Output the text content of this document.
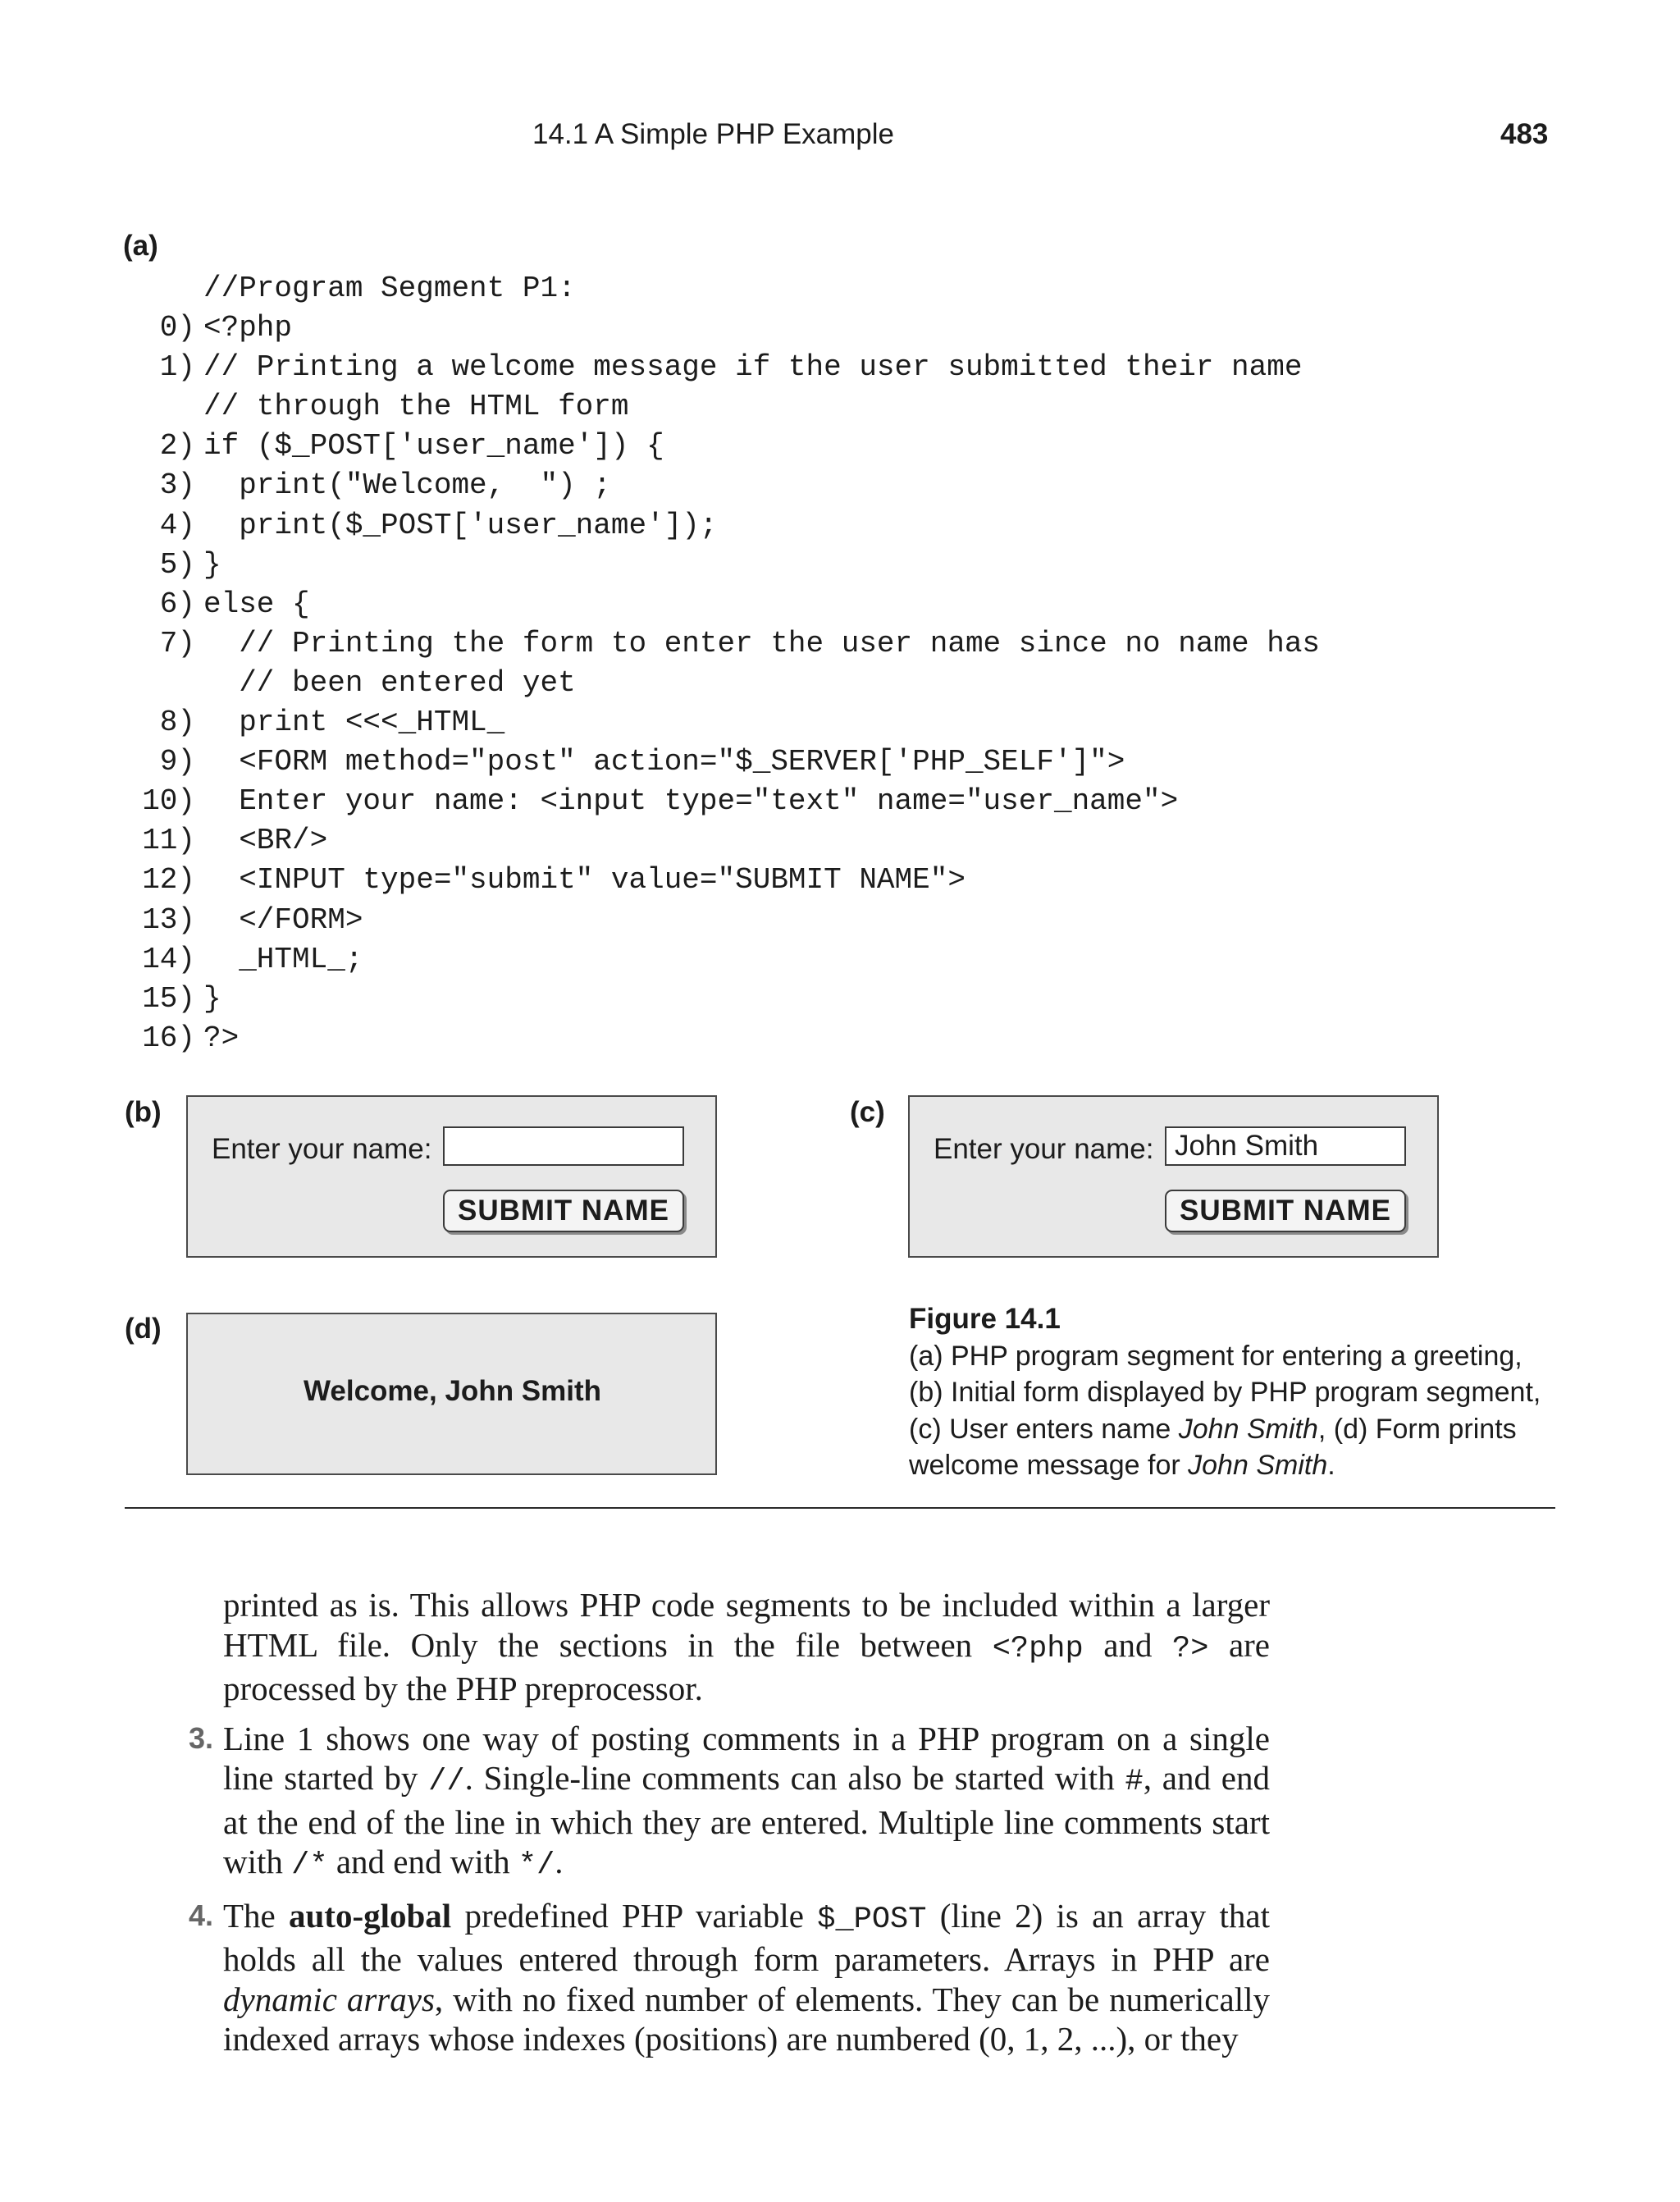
14.1 A Simple PHP Example	483
(a)
//Program Segment P1:
0) <?php
1) // Printing a welcome message if the user submitted their name
// through the HTML form
2) if ($_POST['user_name']) {
3) print("Welcome,  ") ;
4) print($_POST['user_name']);
5) }
6) else {
7) // Printing the form to enter the user name since no name has
// been entered yet
8) print <<<_HTML_
9) <FORM method="post" action="$_SERVER['PHP_SELF']">
10) Enter your name: <input type="text" name="user_name">
11) <BR/>
12) <INPUT type="submit" value="SUBMIT NAME">
13) </FORM>
14) _HTML_;
15) }
16) ?>
(b)
Enter your name:
SUBMIT NAME
(c)
Enter your name: John Smith
SUBMIT NAME
(d)
Welcome, John Smith
Figure 14.1
(a) PHP program segment for entering a greeting,
(b) Initial form displayed by PHP program segment,
(c) User enters name John Smith, (d) Form prints
welcome message for John Smith.

printed as is. This allows PHP code segments to be included within a larger HTML file. Only the sections in the file between <?php and ?> are processed by the PHP preprocessor.

3. Line 1 shows one way of posting comments in a PHP program on a single line started by //. Single-line comments can also be started with #, and end at the end of the line in which they are entered. Multiple line comments start with /* and end with */.

4. The auto-global predefined PHP variable $_POST (line 2) is an array that holds all the values entered through form parameters. Arrays in PHP are dynamic arrays, with no fixed number of elements. They can be numerically indexed arrays whose indexes (positions) are numbered (0, 1, 2, ...), or they
